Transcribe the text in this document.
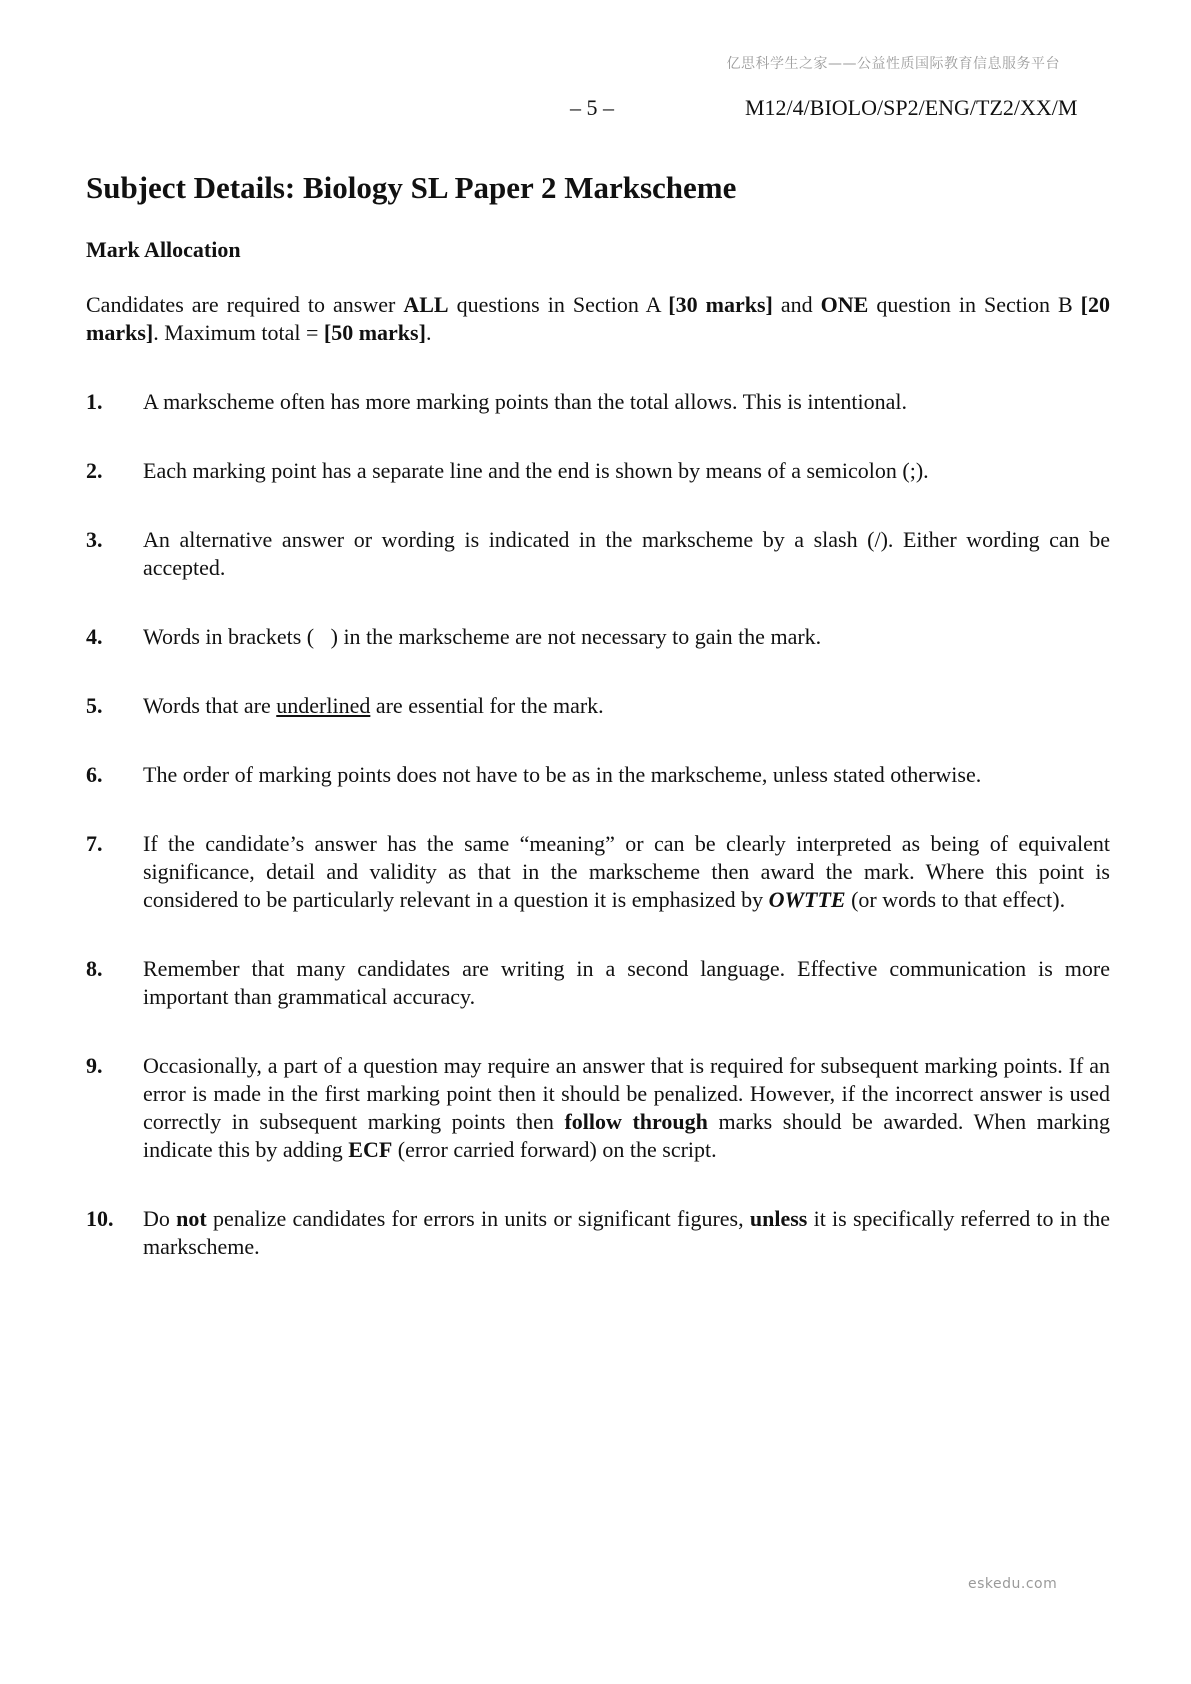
亿思科学生之家——公益性质国际教育信息服务平台
– 5 –	M12/4/BIOLO/SP2/ENG/TZ2/XX/M
Subject Details: Biology SL Paper 2 Markscheme
Mark Allocation

Candidates are required to answer ALL questions in Section A [30 marks] and ONE question in Section B [20 marks]. Maximum total = [50 marks].

1.	A markscheme often has more marking points than the total allows. This is intentional.
2.	Each marking point has a separate line and the end is shown by means of a semicolon (;).
3.	An alternative answer or wording is indicated in the markscheme by a slash (/). Either wording can be accepted.
4.	Words in brackets (   ) in the markscheme are not necessary to gain the mark.
5.	Words that are underlined are essential for the mark.
6.	The order of marking points does not have to be as in the markscheme, unless stated otherwise.
7.	If the candidate’s answer has the same “meaning” or can be clearly interpreted as being of equivalent significance, detail and validity as that in the markscheme then award the mark. Where this point is considered to be particularly relevant in a question it is emphasized by OWTTE (or words to that effect).
8.	Remember that many candidates are writing in a second language. Effective communication is more important than grammatical accuracy.
9.	Occasionally, a part of a question may require an answer that is required for subsequent marking points. If an error is made in the first marking point then it should be penalized. However, if the incorrect answer is used correctly in subsequent marking points then follow through marks should be awarded. When marking indicate this by adding ECF (error carried forward) on the script.
10.	Do not penalize candidates for errors in units or significant figures, unless it is specifically referred to in the markscheme.
eskedu.com
